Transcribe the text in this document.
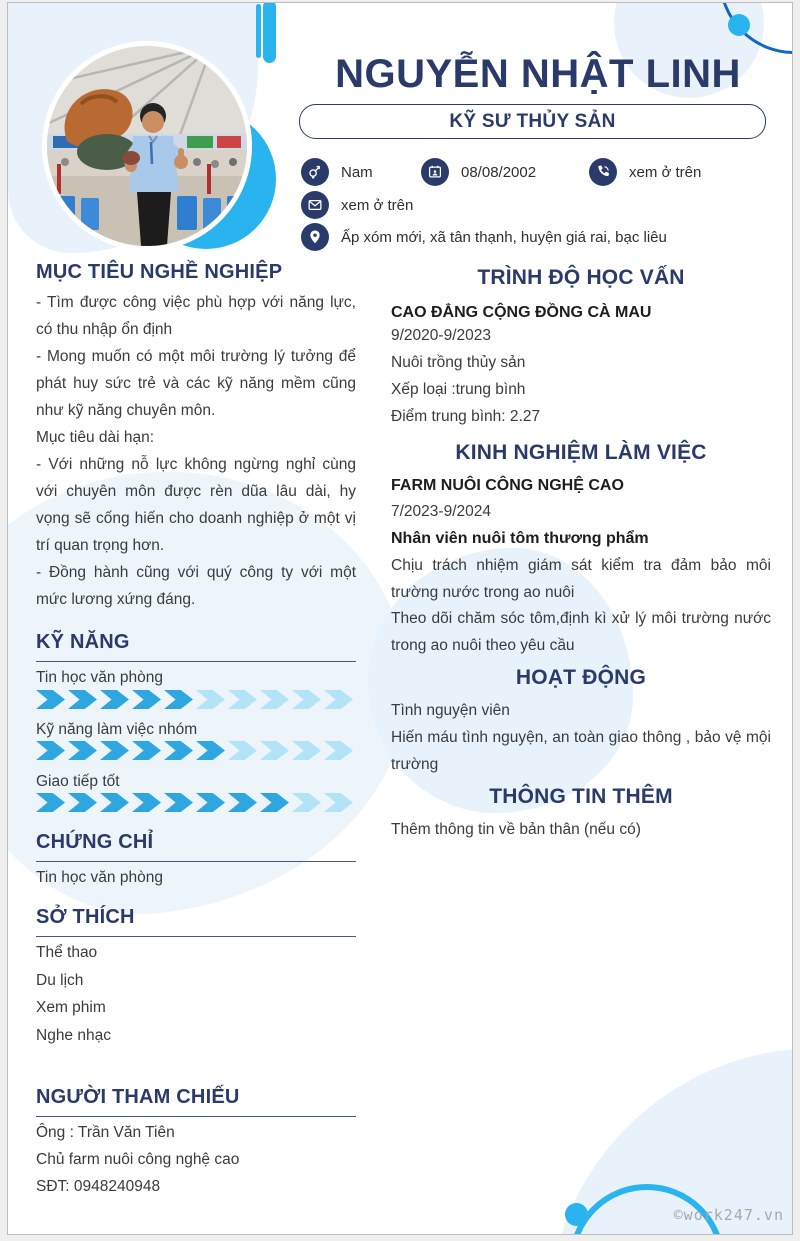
NGUYỄN NHẬT LINH
KỸ SƯ THỦY SẢN
Nam	08/08/2002	xem ở trên
xem ở trên
Ấp xóm mới, xã tân thạnh, huyện giá rai, bạc liêu
MỤC TIÊU NGHỀ NGHIỆP
- Tìm được công việc phù hợp với năng lực, có thu nhập ổn định
- Mong muốn có một môi trường lý tưởng để phát huy sức trẻ và các kỹ năng mềm cũng như kỹ năng chuyên môn.
Mục tiêu dài hạn:
- Với những nỗ lực không ngừng nghỉ cùng với chuyên môn được rèn dũa lâu dài, hy vọng sẽ cống hiến cho doanh nghiệp ở một vị trí quan trọng hơn.
- Đồng hành cũng với quý công ty với một mức lương xứng đáng.
KỸ NĂNG
Tin học văn phòng
Kỹ năng làm việc nhóm
Giao tiếp tốt
CHỨNG CHỈ
Tin học văn phòng
SỞ THÍCH
Thể thao
Du lịch
Xem phim
Nghe nhạc
NGƯỜI THAM CHIẾU
Ông : Trần Văn Tiên
Chủ farm nuôi công nghệ cao
SĐT: 0948240948
TRÌNH ĐỘ HỌC VẤN
CAO ĐẲNG CỘNG ĐỒNG CÀ MAU
9/2020-9/2023
Nuôi trồng thủy sản
Xếp loại :trung bình
Điểm trung bình: 2.27
KINH NGHIỆM LÀM VIỆC
FARM NUÔI CÔNG NGHỆ CAO
7/2023-9/2024
Nhân viên nuôi tôm thương phẩm
Chịu trách nhiệm giám sát kiểm tra đảm bảo môi trường nước trong ao nuôi
Theo dõi chăm sóc tôm,định kì xử lý môi trường nước trong ao nuôi theo yêu cầu
HOẠT ĐỘNG
Tình nguyện viên
Hiến máu tình nguyện, an toàn giao thông , bảo vệ mội trường
THÔNG TIN THÊM
Thêm thông tin về bản thân (nếu có)
©work247.vn
